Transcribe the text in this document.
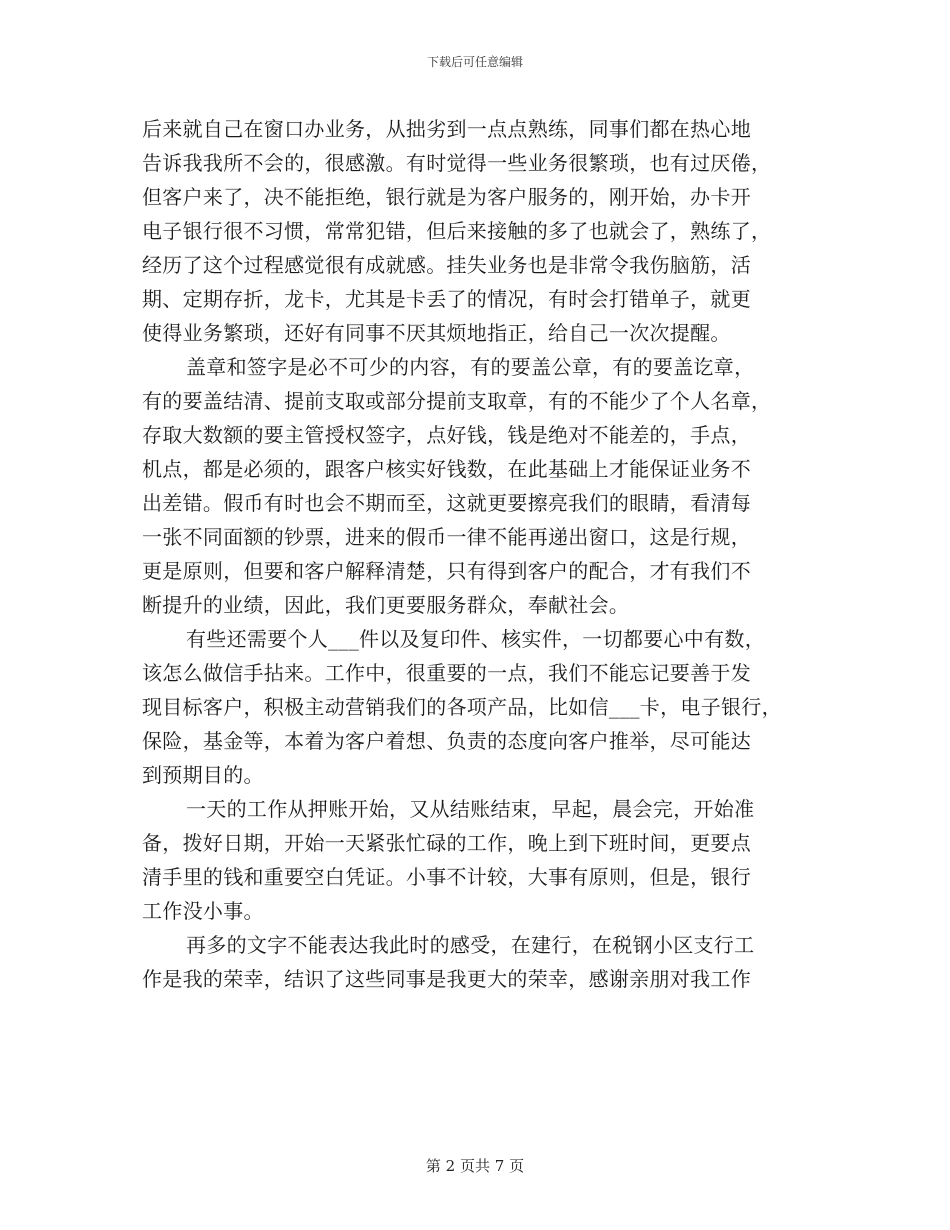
下载后可任意编辑
后来就自己在窗口办业务，从拙劣到一点点熟练，同事们都在热心地
告诉我我所不会的，很感激。有时觉得一些业务很繁琐，也有过厌倦，
但客户来了，决不能拒绝，银行就是为客户服务的，刚开始，办卡开
电子银行很不习惯，常常犯错，但后来接触的多了也就会了，熟练了，
经历了这个过程感觉很有成就感。挂失业务也是非常令我伤脑筋，活
期、定期存折，龙卡，尤其是卡丢了的情况，有时会打错单子，就更
使得业务繁琐，还好有同事不厌其烦地指正，给自己一次次提醒。
盖章和签字是必不可少的内容，有的要盖公章，有的要盖讫章，
有的要盖结清、提前支取或部分提前支取章，有的不能少了个人名章，
存取大数额的要主管授权签字，点好钱，钱是绝对不能差的，手点，
机点，都是必须的，跟客户核实好钱数，在此基础上才能保证业务不
出差错。假币有时也会不期而至，这就更要擦亮我们的眼睛，看清每
一张不同面额的钞票，进来的假币一律不能再递出窗口，这是行规，
更是原则，但要和客户解释清楚，只有得到客户的配合，才有我们不
断提升的业绩，因此，我们更要服务群众，奉献社会。
有些还需要个人___件以及复印件、核实件，一切都要心中有数，
该怎么做信手拈来。工作中，很重要的一点，我们不能忘记要善于发
现目标客户，积极主动营销我们的各项产品，比如信___卡，电子银行，
保险，基金等，本着为客户着想、负责的态度向客户推举，尽可能达
到预期目的。
一天的工作从押账开始，又从结账结束，早起，晨会完，开始准
备，拨好日期，开始一天紧张忙碌的工作，晚上到下班时间，更要点
清手里的钱和重要空白凭证。小事不计较，大事有原则，但是，银行
工作没小事。
再多的文字不能表达我此时的感受，在建行，在税钢小区支行工
作是我的荣幸，结识了这些同事是我更大的荣幸，感谢亲朋对我工作
第 2 页共 7 页
